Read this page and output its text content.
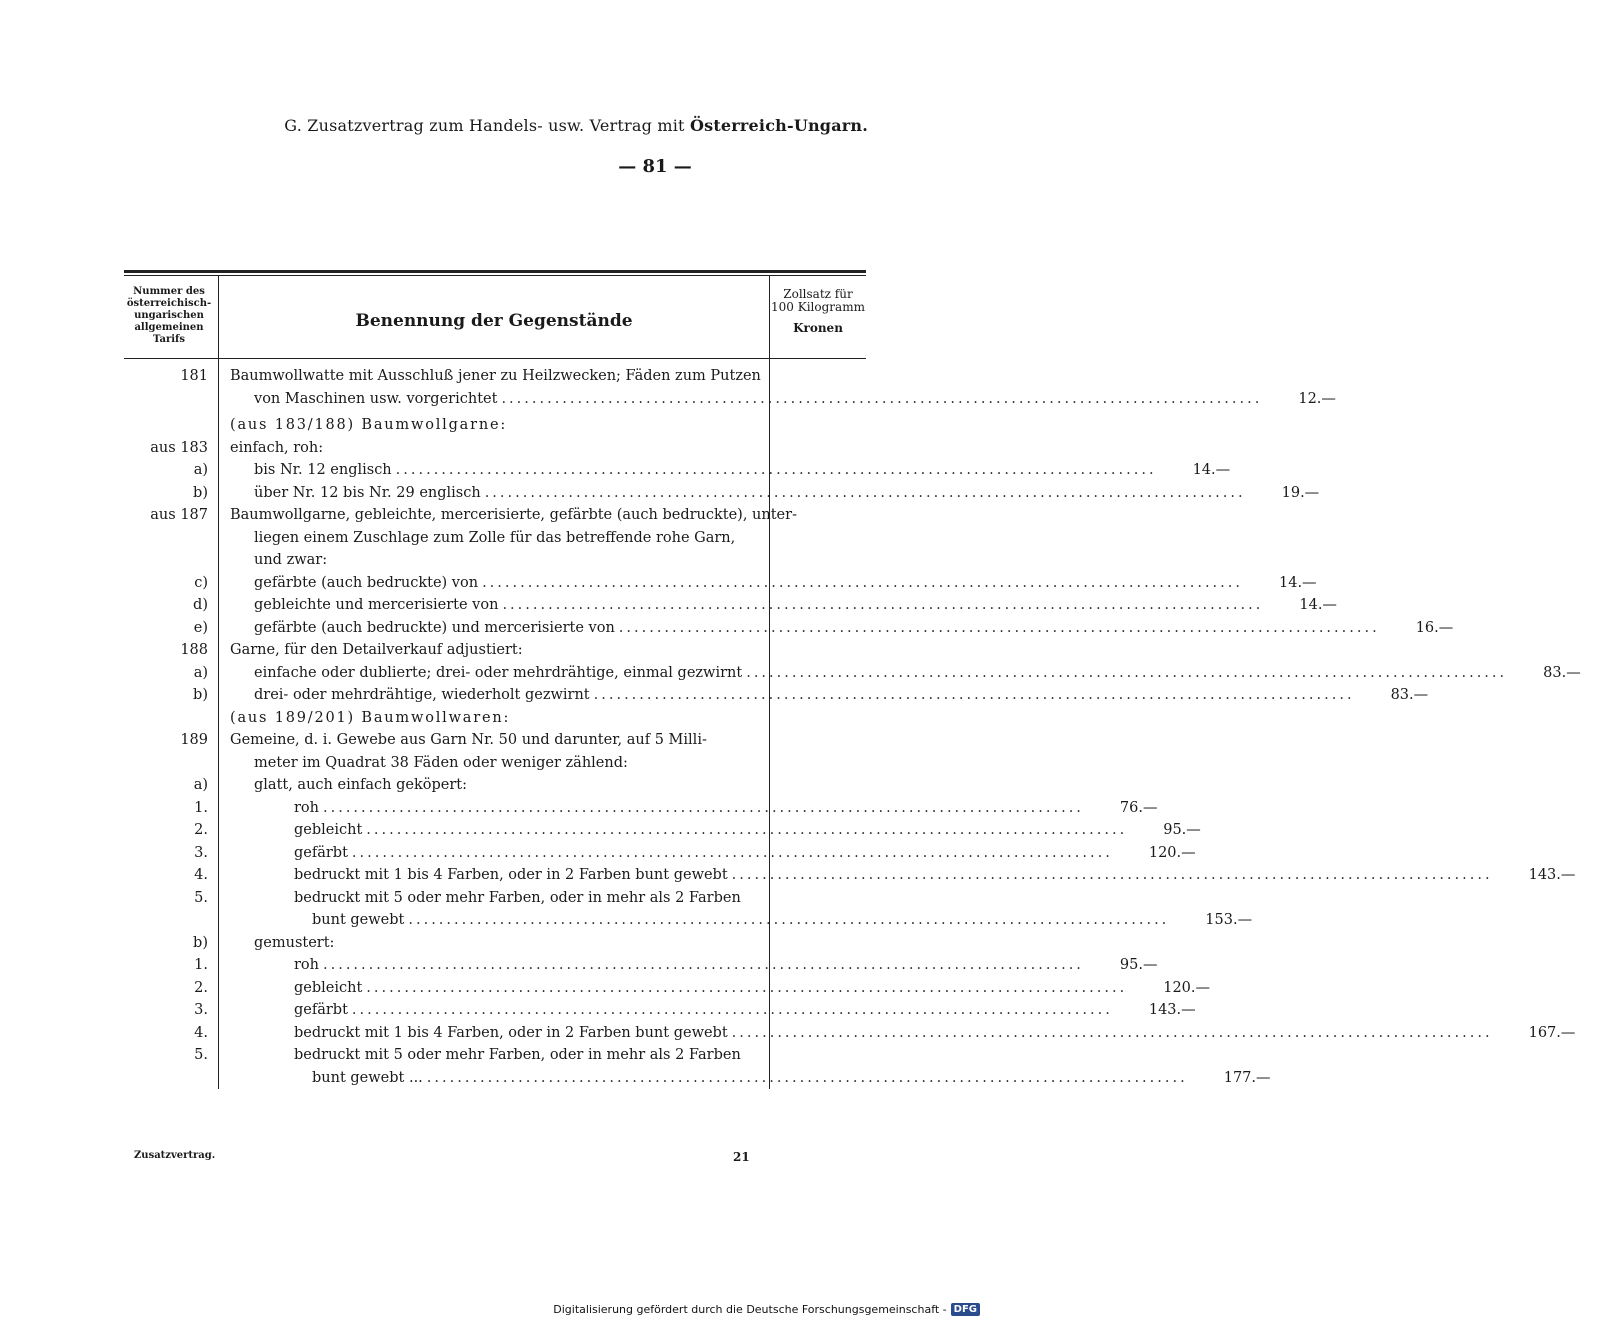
G. Zusatzvertrag zum Handels- usw. Vertrag mit Österreich-Ungarn.
— 81 —
Nummer des österreichisch-ungarischen allgemeinen Tarifs
Benennung der Gegenstände
Zollsatz für 100 Kilogramm
Kronen
181	Baumwollwatte mit Ausschluß jener zu Heilzwecken; Fäden zum Putzen
von Maschinen usw. vorgerichtet .....	12.—
(aus 183/188) Baumwollgarne:
aus 183	einfach, roh:
a)	bis Nr. 12 englisch .....	14.—
b)	über Nr. 12 bis Nr. 29 englisch .....	19.—
aus 187	Baumwollgarne, gebleichte, mercerisierte, gefärbte (auch bedruckte), unter-
liegen einem Zuschlage zum Zolle für das betreffende rohe Garn,
und zwar:
c)	gefärbte (auch bedruckte) von .....	14.—
d)	gebleichte und mercerisierte von .....	14.—
e)	gefärbte (auch bedruckte) und mercerisierte von .....	16.—
188	Garne, für den Detailverkauf adjustiert:
a)	einfache oder dublierte; drei- oder mehrdrähtige, einmal gezwirnt .....	83.—
b)	drei- oder mehrdrähtige, wiederholt gezwirnt .....	83.—
(aus 189/201) Baumwollwaren:
189	Gemeine, d. i. Gewebe aus Garn Nr. 50 und darunter, auf 5 Milli-
meter im Quadrat 38 Fäden oder weniger zählend:
a)	glatt, auch einfach geköpert:
1.	roh .....	76.—
2.	gebleicht .....	95.—
3.	gefärbt .....	120.—
4.	bedruckt mit 1 bis 4 Farben, oder in 2 Farben bunt gewebt .....	143.—
5.	bedruckt mit 5 oder mehr Farben, oder in mehr als 2 Farben
bunt gewebt .....	153.—
b)	gemustert:
1.	roh .....	95.—
2.	gebleicht .....	120.—
3.	gefärbt .....	143.—
4.	bedruckt mit 1 bis 4 Farben, oder in 2 Farben bunt gewebt .....	167.—
5.	bedruckt mit 5 oder mehr Farben, oder in mehr als 2 Farben
bunt gewebt ... .....	177.—
Zusatzvertrag.	21
Digitalisierung gefördert durch die Deutsche Forschungsgemeinschaft - DFG
